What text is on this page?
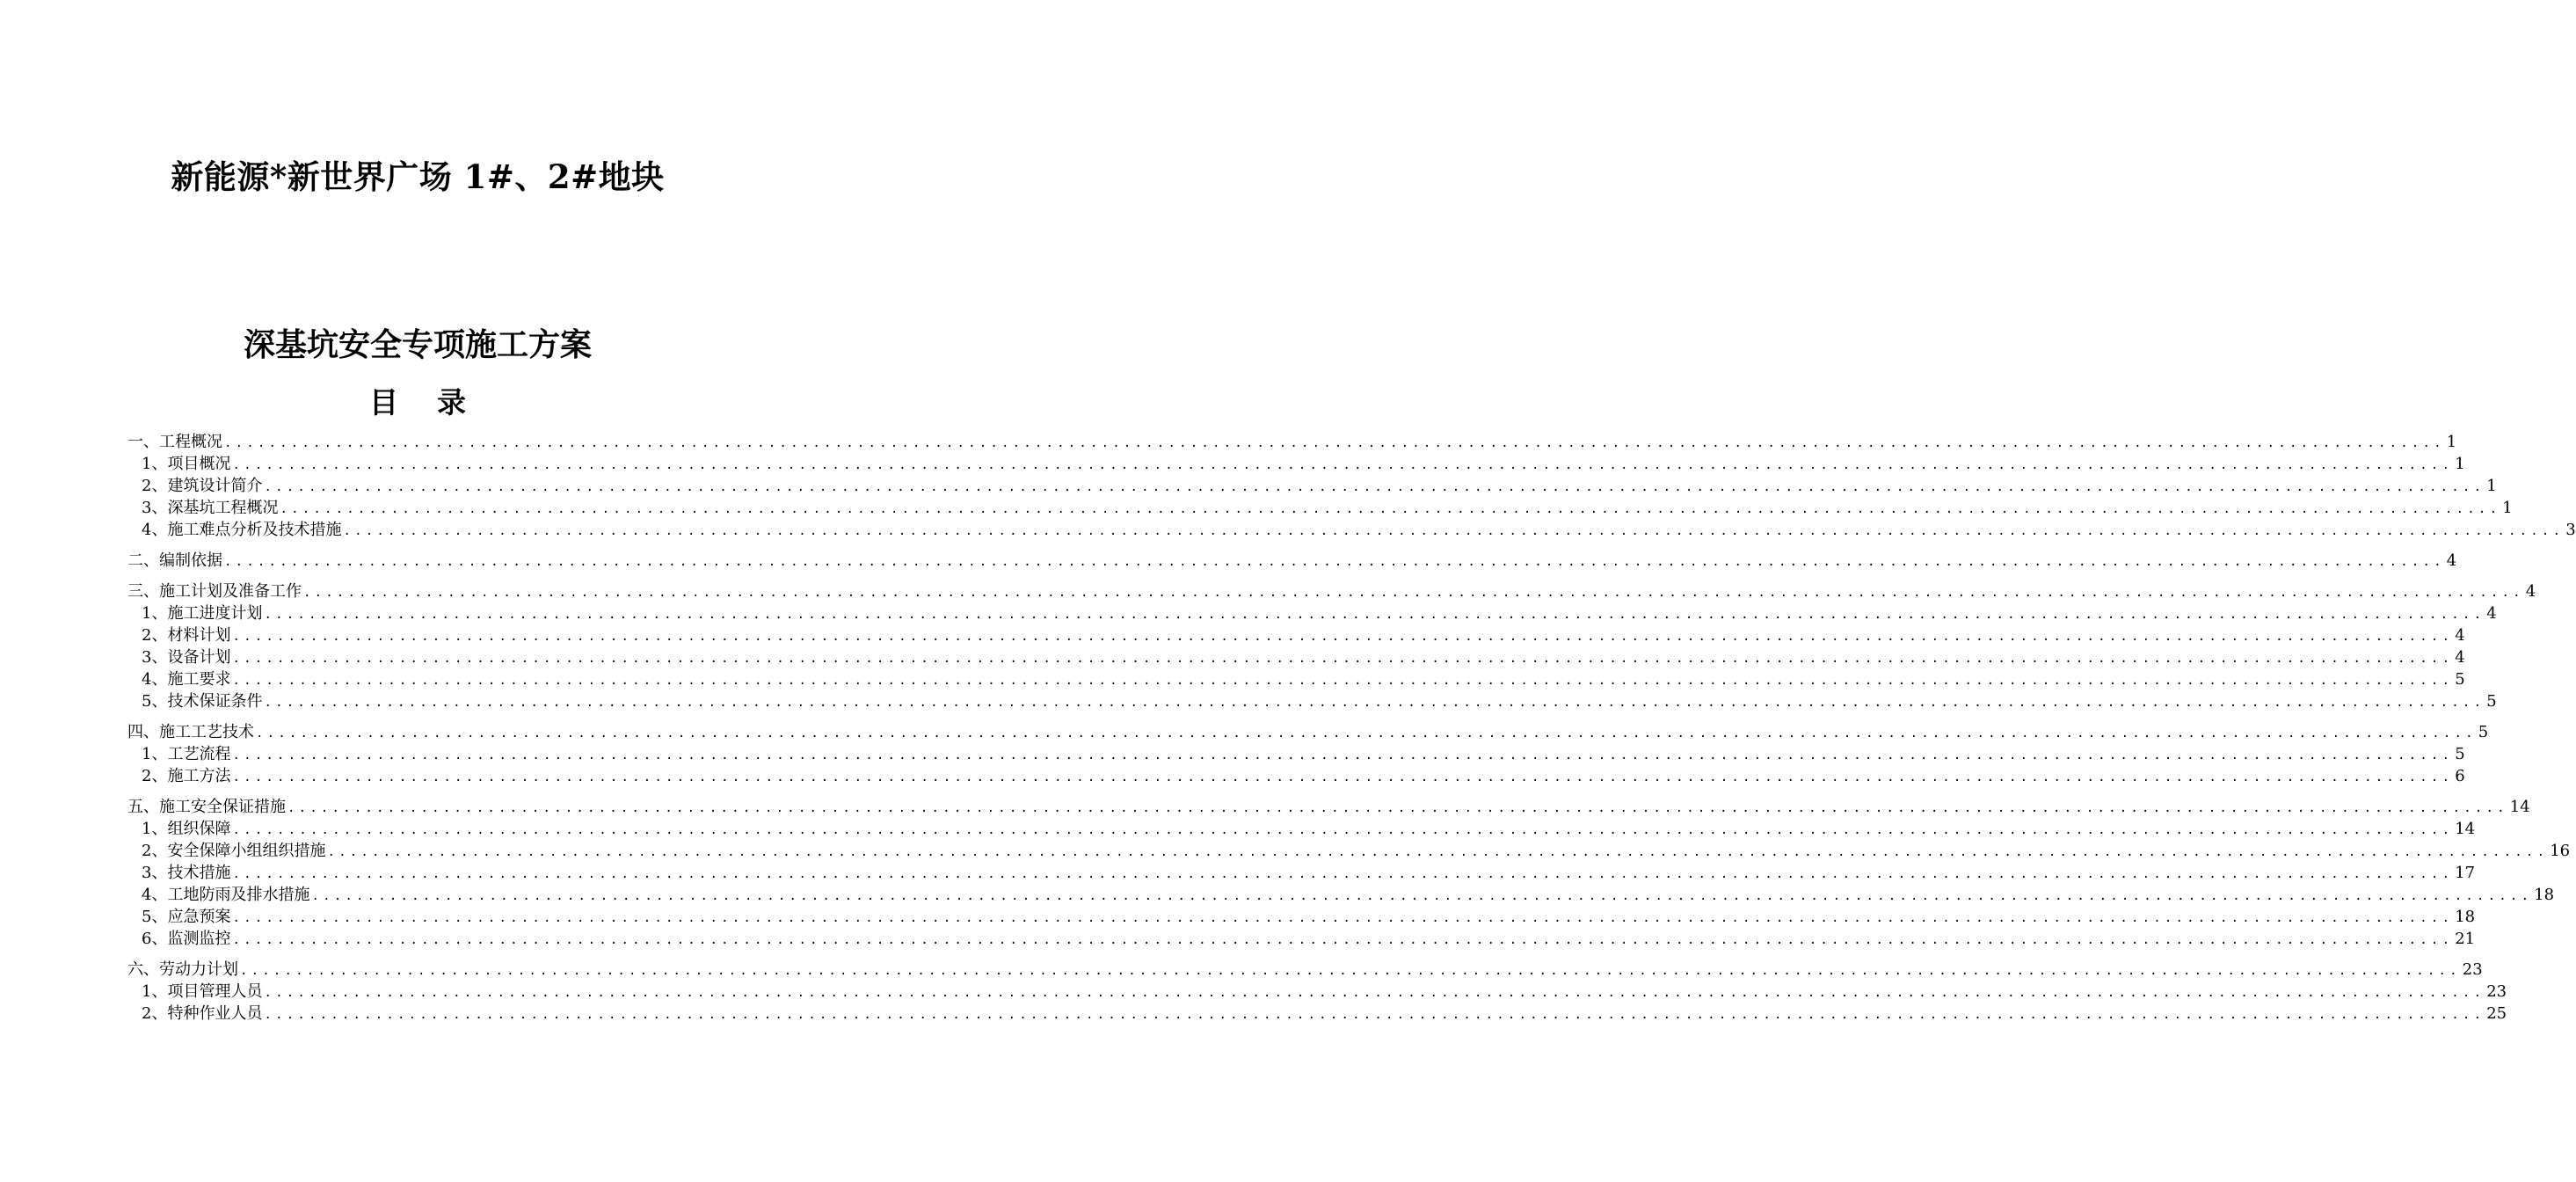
新能源*新世界广场 1#、2#地块
深基坑安全专项施工方案
目 录
一、工程概况 ........................................................................................................................................................................................................ 1
1、项目概况 ........................................................................................................................................................................................................ 1
2、建筑设计简介 ........................................................................................................................................................................................................ 1
3、深基坑工程概况 ........................................................................................................................................................................................................ 1
4、施工难点分析及技术措施 ........................................................................................................................................................................................................ 3
二、编制依据 ........................................................................................................................................................................................................ 4
三、施工计划及准备工作 ........................................................................................................................................................................................................ 4
1、施工进度计划 ........................................................................................................................................................................................................ 4
2、材料计划 ........................................................................................................................................................................................................ 4
3、设备计划 ........................................................................................................................................................................................................ 4
4、施工要求 ........................................................................................................................................................................................................ 5
5、技术保证条件 ........................................................................................................................................................................................................ 5
四、施工工艺技术 ........................................................................................................................................................................................................ 5
1、工艺流程 ........................................................................................................................................................................................................ 5
2、施工方法 ........................................................................................................................................................................................................ 6
五、施工安全保证措施 ........................................................................................................................................................................................................ 14
1、组织保障 ........................................................................................................................................................................................................ 14
2、安全保障小组组织措施 ........................................................................................................................................................................................................ 16
3、技术措施 ........................................................................................................................................................................................................ 17
4、工地防雨及排水措施 ........................................................................................................................................................................................................ 18
5、应急预案 ........................................................................................................................................................................................................ 18
6、监测监控 ........................................................................................................................................................................................................ 21
六、劳动力计划 ........................................................................................................................................................................................................ 23
1、项目管理人员 ........................................................................................................................................................................................................ 23
2、特种作业人员 ........................................................................................................................................................................................................ 25
